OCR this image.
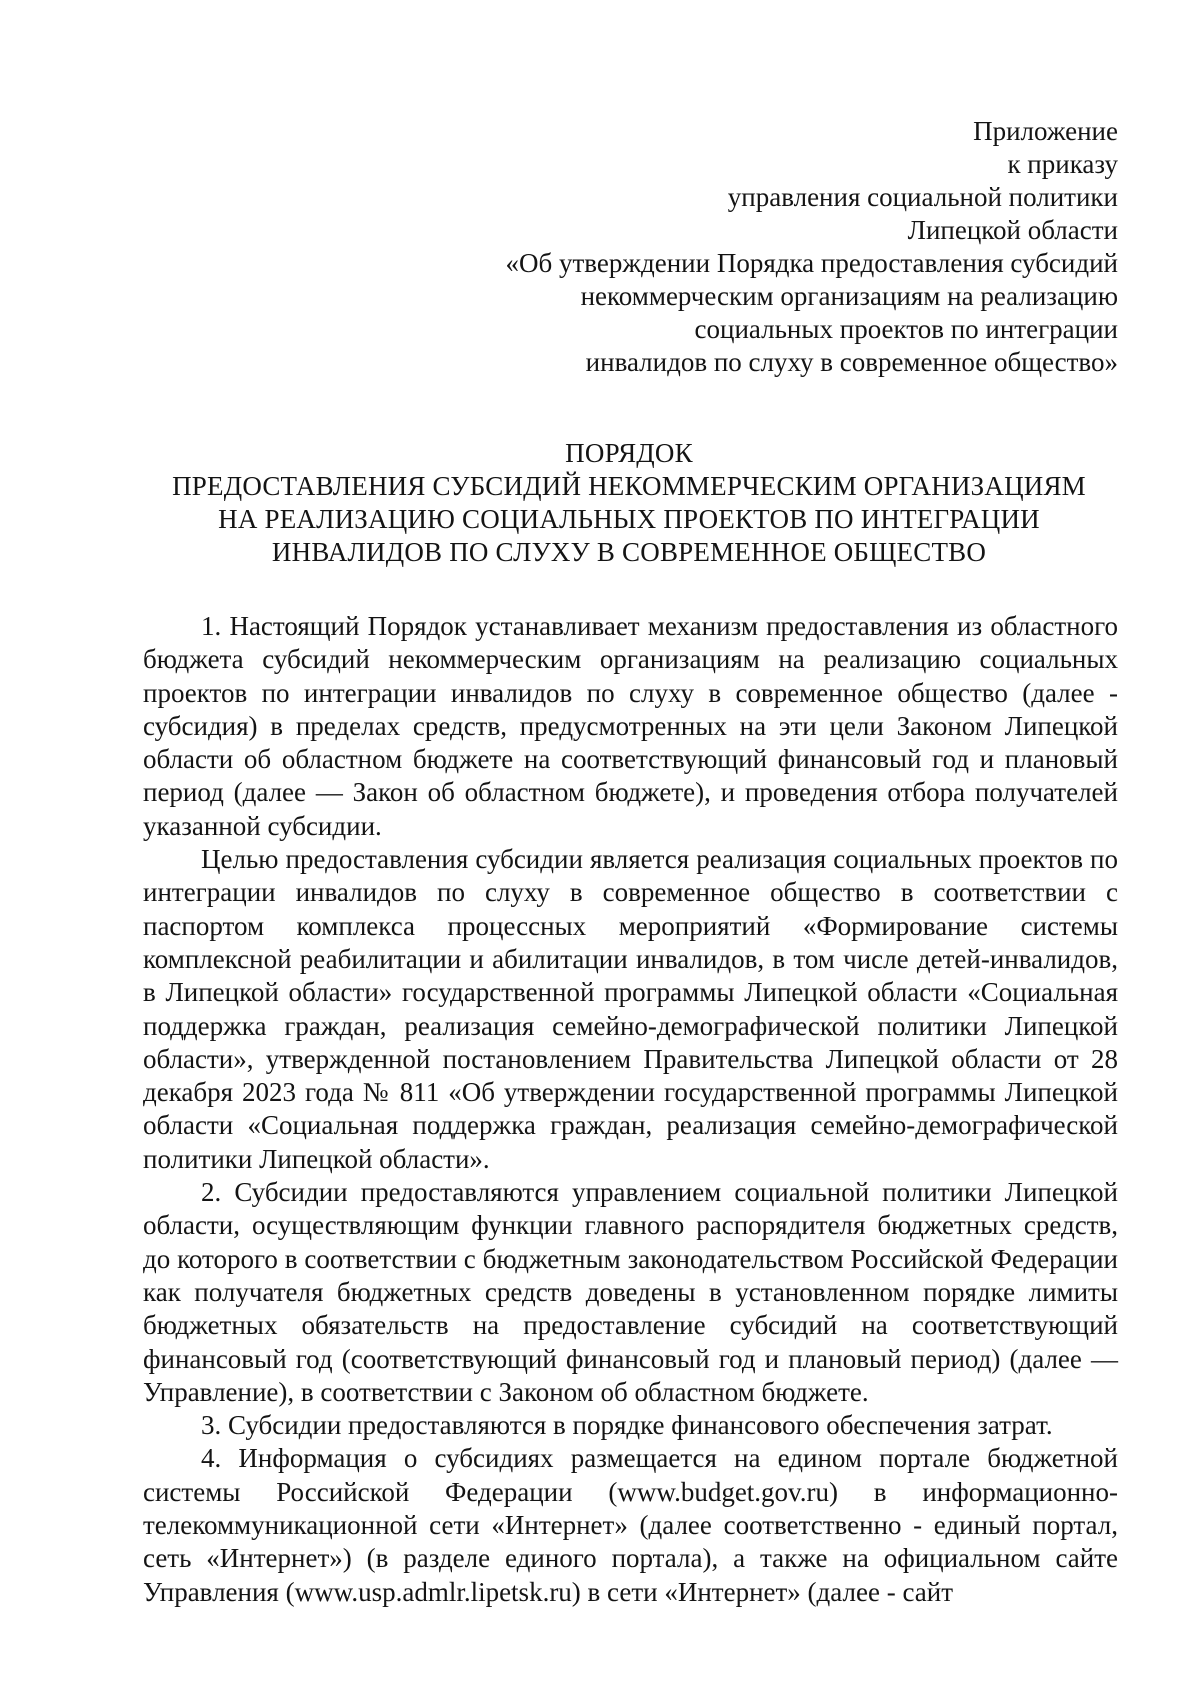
Приложение
к приказу
управления социальной политики
Липецкой области
«Об утверждении Порядка предоставления субсидий
некоммерческим организациям на реализацию
социальных проектов по интеграции
инвалидов по слуху в современное общество»
ПОРЯДОК
ПРЕДОСТАВЛЕНИЯ СУБСИДИЙ НЕКОММЕРЧЕСКИМ ОРГАНИЗАЦИЯМ
НА РЕАЛИЗАЦИЮ СОЦИАЛЬНЫХ ПРОЕКТОВ ПО ИНТЕГРАЦИИ
ИНВАЛИДОВ ПО СЛУХУ В СОВРЕМЕННОЕ ОБЩЕСТВО

1. Настоящий Порядок устанавливает механизм предоставления из областного бюджета субсидий некоммерческим организациям на реализацию социальных проектов по интеграции инвалидов по слуху в современное общество (далее - субсидия) в пределах средств, предусмотренных на эти цели Законом Липецкой области об областном бюджете на соответствующий финансовый год и плановый период (далее — Закон об областном бюджете), и проведения отбора получателей указанной субсидии.

Целью предоставления субсидии является реализация социальных проектов по интеграции инвалидов по слуху в современное общество в соответствии с паспортом комплекса процессных мероприятий «Формирование системы комплексной реабилитации и абилитации инвалидов, в том числе детей-инвалидов, в Липецкой области» государственной программы Липецкой области «Социальная поддержка граждан, реализация семейно-демографической политики Липецкой области», утвержденной постановлением Правительства Липецкой области от 28 декабря 2023 года № 811 «Об утверждении государственной программы Липецкой области «Социальная поддержка граждан, реализация семейно-демографической политики Липецкой области».

2. Субсидии предоставляются управлением социальной политики Липецкой области, осуществляющим функции главного распорядителя бюджетных средств, до которого в соответствии с бюджетным законодательством Российской Федерации как получателя бюджетных средств доведены в установленном порядке лимиты бюджетных обязательств на предоставление субсидий на соответствующий финансовый год (соответствующий финансовый год и плановый период) (далее — Управление), в соответствии с Законом об областном бюджете.

3. Субсидии предоставляются в порядке финансового обеспечения затрат.

4. Информация о субсидиях размещается на едином портале бюджетной системы Российской Федерации (www.budget.gov.ru) в информационно-телекоммуникационной сети «Интернет» (далее соответственно - единый портал, сеть «Интернет») (в разделе единого портала), а также на официальном сайте Управления (www.usp.admlr.lipetsk.ru) в сети «Интернет» (далее - сайт
